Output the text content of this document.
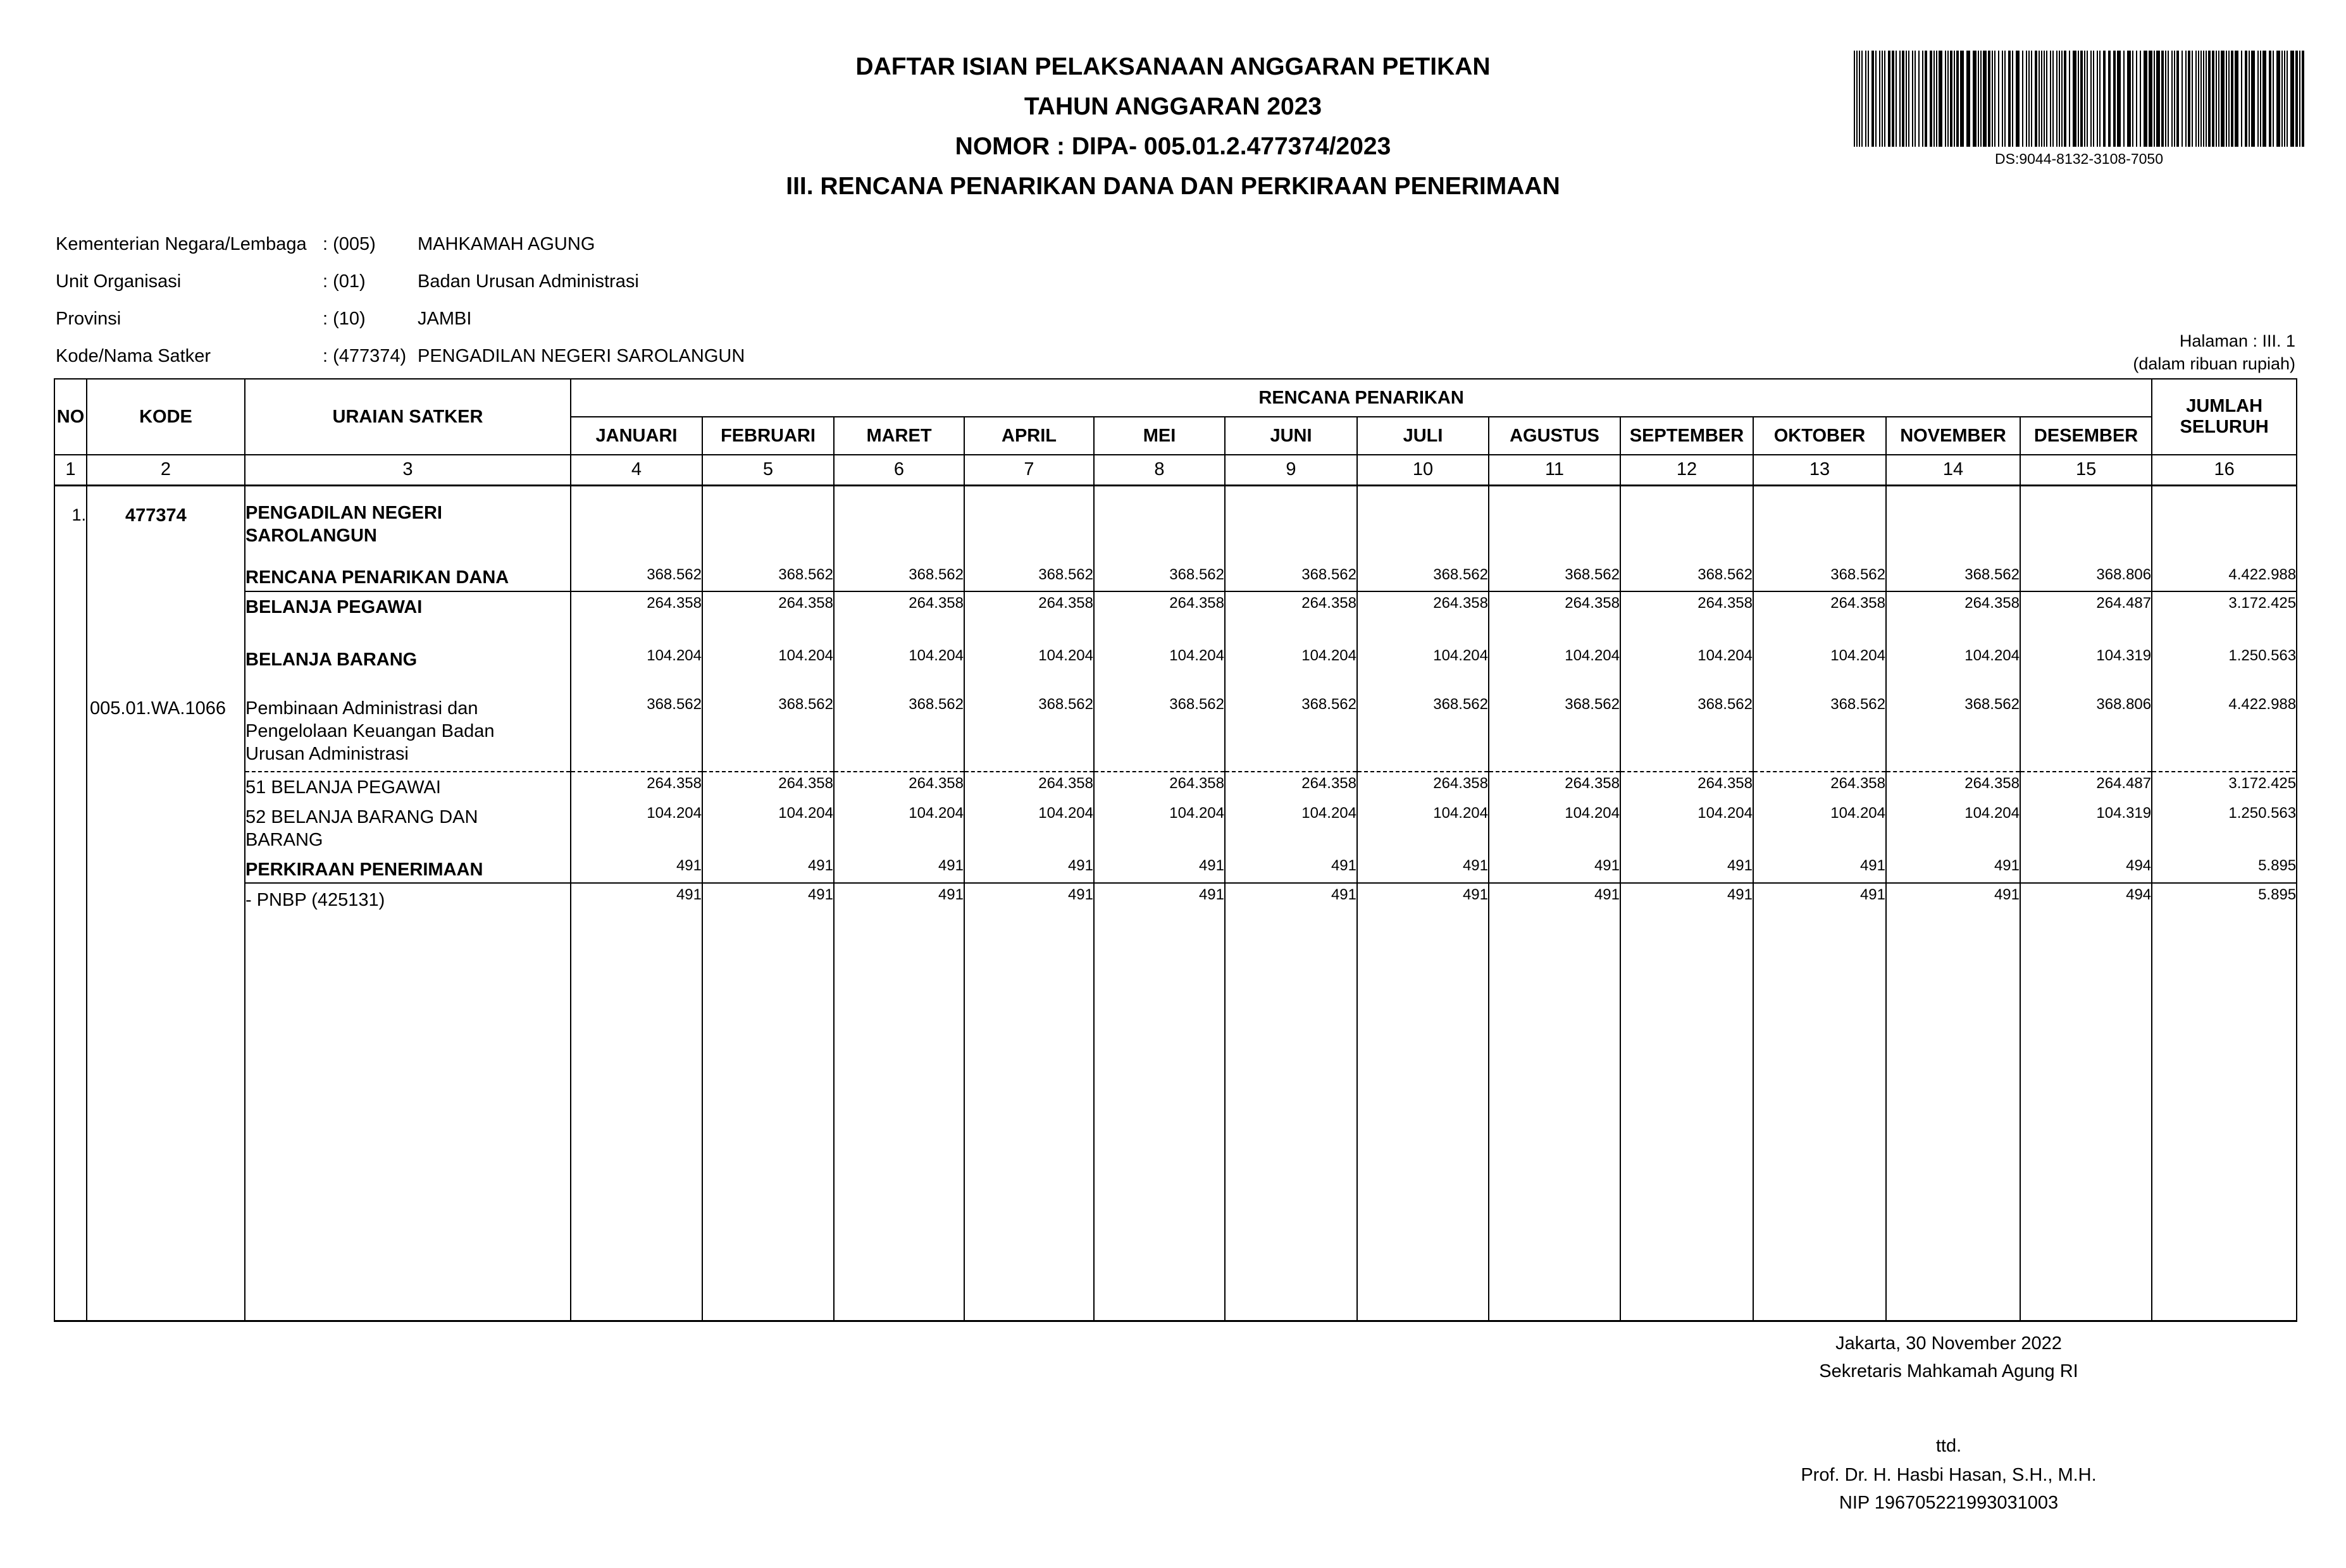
DAFTAR ISIAN PELAKSANAAN ANGGARAN PETIKAN
TAHUN ANGGARAN 2023
NOMOR : DIPA- 005.01.2.477374/2023
III. RENCANA PENARIKAN DANA DAN PERKIRAAN PENERIMAAN
DS:9044-8132-3108-7050
Kementerian Negara/Lembaga : (005) MAHKAMAH AGUNG
Unit Organisasi	: (01)	Badan Urusan Administrasi
Provinsi	: (10)	JAMBI
Kode/Nama Satker	: (477374) PENGADILAN NEGERI SAROLANGUN
Halaman : III. 1
(dalam ribuan rupiah)
NO	KODE	URAIAN SATKER	RENCANA PENARIKAN												JUMLAH SELURUH
			JANUARI	FEBRUARI	MARET	APRIL	MEI	JUNI	JULI	AGUSTUS	SEPTEMBER	OKTOBER	NOVEMBER	DESEMBER	
1	2	3	4	5	6	7	8	9	10	11	12	13	14	15	16
1.	477374	PENGADILAN NEGERI SAROLANGUN													
		RENCANA PENARIKAN DANA	368.562	368.562	368.562	368.562	368.562	368.562	368.562	368.562	368.562	368.562	368.562	368.806	4.422.988
		BELANJA PEGAWAI	264.358	264.358	264.358	264.358	264.358	264.358	264.358	264.358	264.358	264.358	264.358	264.487	3.172.425
		BELANJA BARANG	104.204	104.204	104.204	104.204	104.204	104.204	104.204	104.204	104.204	104.204	104.204	104.319	1.250.563
	005.01.WA.1066	Pembinaan Administrasi dan Pengelolaan Keuangan Badan Urusan Administrasi	368.562	368.562	368.562	368.562	368.562	368.562	368.562	368.562	368.562	368.562	368.562	368.806	4.422.988
		51 BELANJA PEGAWAI	264.358	264.358	264.358	264.358	264.358	264.358	264.358	264.358	264.358	264.358	264.358	264.487	3.172.425
		52 BELANJA BARANG DAN BARANG	104.204	104.204	104.204	104.204	104.204	104.204	104.204	104.204	104.204	104.204	104.204	104.319	1.250.563
		PERKIRAAN PENERIMAAN	491	491	491	491	491	491	491	491	491	491	491	494	5.895
		- PNBP (425131)	491	491	491	491	491	491	491	491	491	491	491	494	5.895
Jakarta, 30 November 2022
Sekretaris Mahkamah Agung RI
ttd.
Prof. Dr. H. Hasbi Hasan, S.H., M.H.
NIP 196705221993031003
